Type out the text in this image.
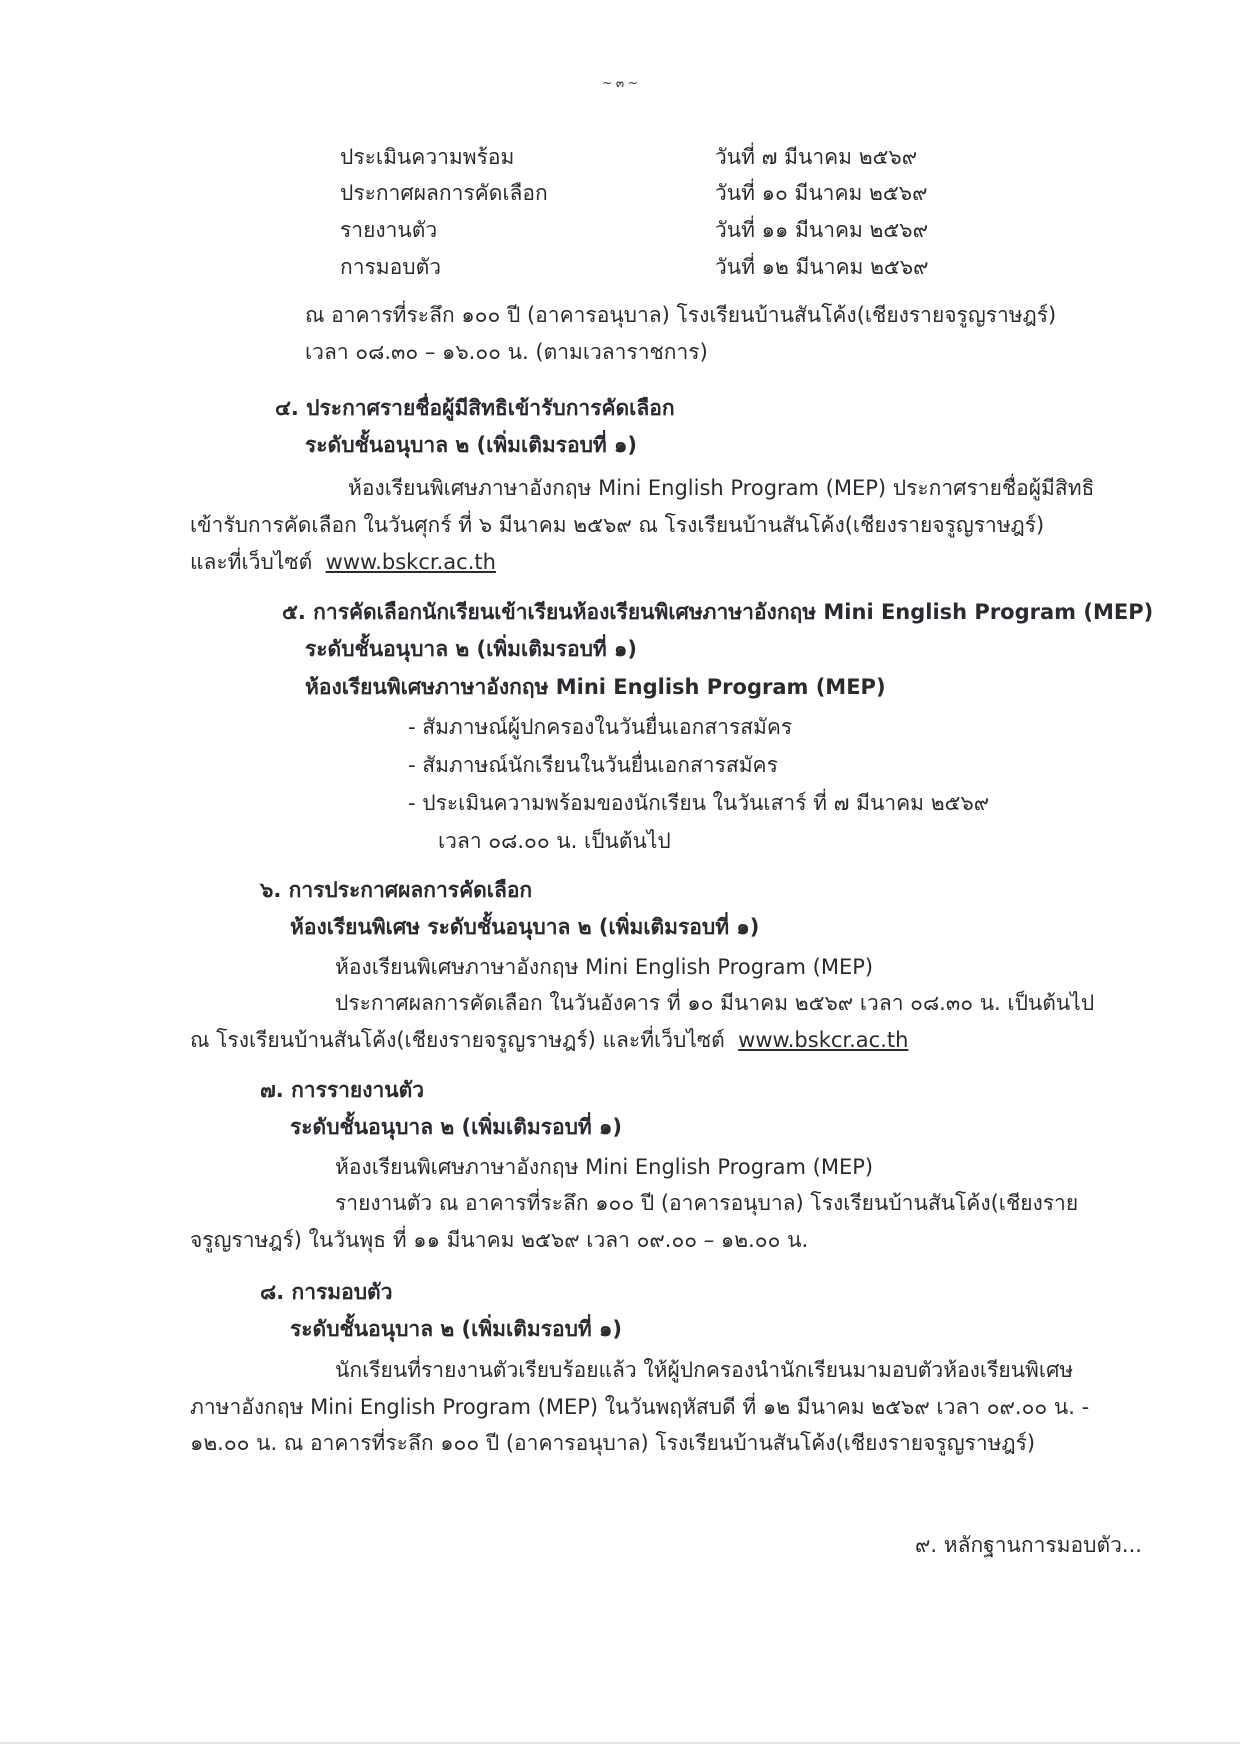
~ ๓ ~
ประเมินความพร้อม	วันที่ ๗ มีนาคม ๒๕๖๙
ประกาศผลการคัดเลือก	วันที่ ๑๐ มีนาคม ๒๕๖๙
รายงานตัว	วันที่ ๑๑ มีนาคม ๒๕๖๙
การมอบตัว	วันที่ ๑๒ มีนาคม ๒๕๖๙
ณ อาคารที่ระลึก ๑๐๐ ปี (อาคารอนุบาล) โรงเรียนบ้านสันโค้ง(เชียงรายจรูญราษฎร์)
เวลา ๐๘.๓๐ – ๑๖.๐๐ น. (ตามเวลาราชการ)
๔. ประกาศรายชื่อผู้มีสิทธิเข้ารับการคัดเลือก
ระดับชั้นอนุบาล ๒ (เพิ่มเติมรอบที่ ๑)
ห้องเรียนพิเศษภาษาอังกฤษ Mini English Program (MEP) ประกาศรายชื่อผู้มีสิทธิ
เข้ารับการคัดเลือก ในวันศุกร์ ที่ ๖ มีนาคม ๒๕๖๙ ณ โรงเรียนบ้านสันโค้ง(เชียงรายจรูญราษฎร์)
และที่เว็บไซต์ www.bskcr.ac.th
๕. การคัดเลือกนักเรียนเข้าเรียนห้องเรียนพิเศษภาษาอังกฤษ Mini English Program (MEP)
ระดับชั้นอนุบาล ๒ (เพิ่มเติมรอบที่ ๑)
ห้องเรียนพิเศษภาษาอังกฤษ Mini English Program (MEP)
- สัมภาษณ์ผู้ปกครองในวันยื่นเอกสารสมัคร
- สัมภาษณ์นักเรียนในวันยื่นเอกสารสมัคร
- ประเมินความพร้อมของนักเรียน ในวันเสาร์ ที่ ๗ มีนาคม ๒๕๖๙
เวลา ๐๘.๐๐ น. เป็นต้นไป
๖. การประกาศผลการคัดเลือก
ห้องเรียนพิเศษ ระดับชั้นอนุบาล ๒ (เพิ่มเติมรอบที่ ๑)
ห้องเรียนพิเศษภาษาอังกฤษ Mini English Program (MEP)
ประกาศผลการคัดเลือก ในวันอังคาร ที่ ๑๐ มีนาคม ๒๕๖๙ เวลา ๐๘.๓๐ น. เป็นต้นไป
ณ โรงเรียนบ้านสันโค้ง(เชียงรายจรูญราษฎร์) และที่เว็บไซต์ www.bskcr.ac.th
๗. การรายงานตัว
ระดับชั้นอนุบาล ๒ (เพิ่มเติมรอบที่ ๑)
ห้องเรียนพิเศษภาษาอังกฤษ Mini English Program (MEP)
รายงานตัว ณ อาคารที่ระลึก ๑๐๐ ปี (อาคารอนุบาล) โรงเรียนบ้านสันโค้ง(เชียงราย
จรูญราษฎร์) ในวันพุธ ที่ ๑๑ มีนาคม ๒๕๖๙ เวลา ๐๙.๐๐ – ๑๒.๐๐ น.
๘. การมอบตัว
ระดับชั้นอนุบาล ๒ (เพิ่มเติมรอบที่ ๑)
นักเรียนที่รายงานตัวเรียบร้อยแล้ว ให้ผู้ปกครองนำนักเรียนมามอบตัวห้องเรียนพิเศษ
ภาษาอังกฤษ Mini English Program (MEP) ในวันพฤหัสบดี ที่ ๑๒ มีนาคม ๒๕๖๙ เวลา ๐๙.๐๐ น. -
๑๒.๐๐ น. ณ อาคารที่ระลึก ๑๐๐ ปี (อาคารอนุบาล) โรงเรียนบ้านสันโค้ง(เชียงรายจรูญราษฎร์)
๙. หลักฐานการมอบตัว...
